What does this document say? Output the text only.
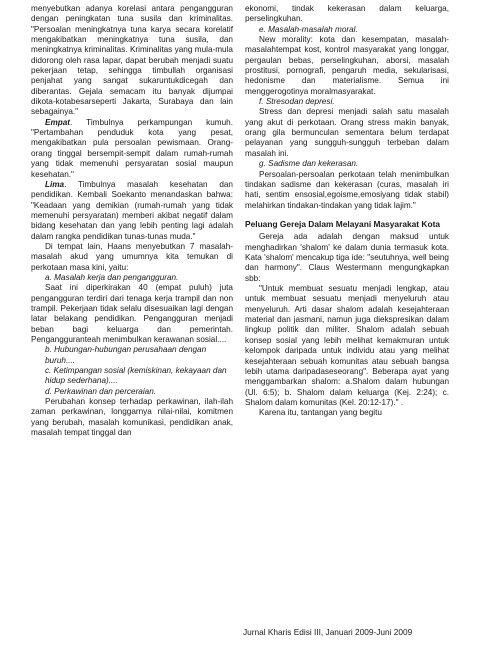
menyebutkan adanya korelasi antara pengangguran dengan peningkatan tuna susila dan kriminalitas. "Persoalan meningkatnya tuna karya secara korelatif mengakibatkan meningkatnya tuna susila, dan meningkatnya kriminalitas. Kriminalitas yang mula-mula didorong oleh rasa lapar, dapat berubah menjadi suatu pekerjaan tetap, sehingga timbullah organisasi penjahat yang sangat sukaruntukdicegah dan diberantas. Gejala semacam itu banyak dijumpai dikota-kotabesarseperti Jakarta, Surabaya dan lain sebagainya."

Empat. Timbulnya perkampungan kumuh. "Pertambahan penduduk kota yang pesat, mengakibatkan pula persoalan pewismaan. Orang-orang tinggal bersempit-sempit dalam rumah-rumah yang tidak memenuhi persyaratan sosial maupun kesehatan."

Lima. Timbulnya masalah kesehatan dan pendidikan. Kembali Soekanto menandaskan bahwa: "Keadaan yang demikian (rumah-rumah yang tidak memenuhi persyaratan) memberi akibat negatif dalam bidang kesehatan dan yang lebih penting lagi adalah dalam rangka pendidikan tunas-tunas muda."

Di tempat lain, Haans menyebutkan 7 masalah-masalah akud yang umumnya kita temukan di perkotaan masa kini, yaitu:

a. Masalah kerja dan pengangguran.

Saat ini diperkirakan 40 (empat puluh) juta pengangguran terdiri dari tenaga kerja trampil dan non trampil. Pekerjaan tidak selalu disesuaikan lagi dengan latar belakang pendidikan. Pengangguran menjadi beban bagi keluarga dan pemerintah. Pengangguranteah menimbulkan kerawanan sosial....

b. Hubungan-hubungan perusahaan dengan buruh....

c. Ketimpangan sosial (kemiskinan, kekayaan dan hidup sederhana)....

d. Perkawinan dan perceraian.

Perubahan konsep terhadap perkawinan, ilah-ilah zaman perkawinan, longgarnya nilai-nilai, komitmen yang berubah, masalah komunikasi, pendidikan anak, masalah tempat tinggal dan

ekonomi, tindak kekerasan dalam keluarga, perselingkuhan.

e. Masalah-masalah moral.

New morality: kota dan kesempatan, masalah-masalahtempat kost, kontrol masyarakat yang longgar, pergaulan bebas, perselingkuhan, aborsi, masalah prostitusi, pornografi, pengaruh media, sekularisasi, hedonisme dan materialisme. Semua ini menggerogotinya moralmasyarakat.

f. Stresodan depresi.

Stress dan depresi menjadi salah satu masalah yang akut di perkotaan. Orang stress makin banyak, orang gila bermunculan sementara belum terdapat pelayanan yang sungguh-sungguh terbeban dalam masalah ini.

g. Sadisme dan kekerasan.

Persoalan-persoalan perkotaan telah menimbulkan tindakan sadisme dan kekerasan (curas, masalah iri hati, sentim ensosial,egoisme,emosiyang tidak stabil) melahirkan tindakan-tindakan yang tidak lajim."

Peluang Gereja Dalam Melayani Masyarakat Kota

Gereja ada adalah dengan maksud untuk menghadirkan 'shalom' ke dalam dunia termasuk kota. Kata 'shalom' mencakup tiga ide: "seutuhnya, well being dan harmony". Claus Westermann mengungkapkan sbb:

"Untuk membuat sesuatu menjadi lengkap, atau untuk membuat sesuatu menjadi menyeluruh atau menyeluruh. Arti dasar shalom adalah kesejahteraan material dan jasmani, namun juga diekspresikan dalam lingkup politik dan militer. Shalom adalah sebuah konsep sosial yang lebih melihat kemakmuran untuk kelompok daripada untuk individu atau yang melihat kesejahteraan sebuah komunitas atau sebuah bangsa lebih utama daripadaseseorang". Beberapa ayat yang menggambarkan shalom: a.Shalom dalam hubungan (Ul. 6:5); b. Shalom dalam keluarga (Kej. 2:24); c. Shalom dalam komunitas (Kel. 20:12-17)." .

Karena itu, tantangan yang begitu

Jurnal Kharis Edisi III, Januari 2009-Juni 2009
